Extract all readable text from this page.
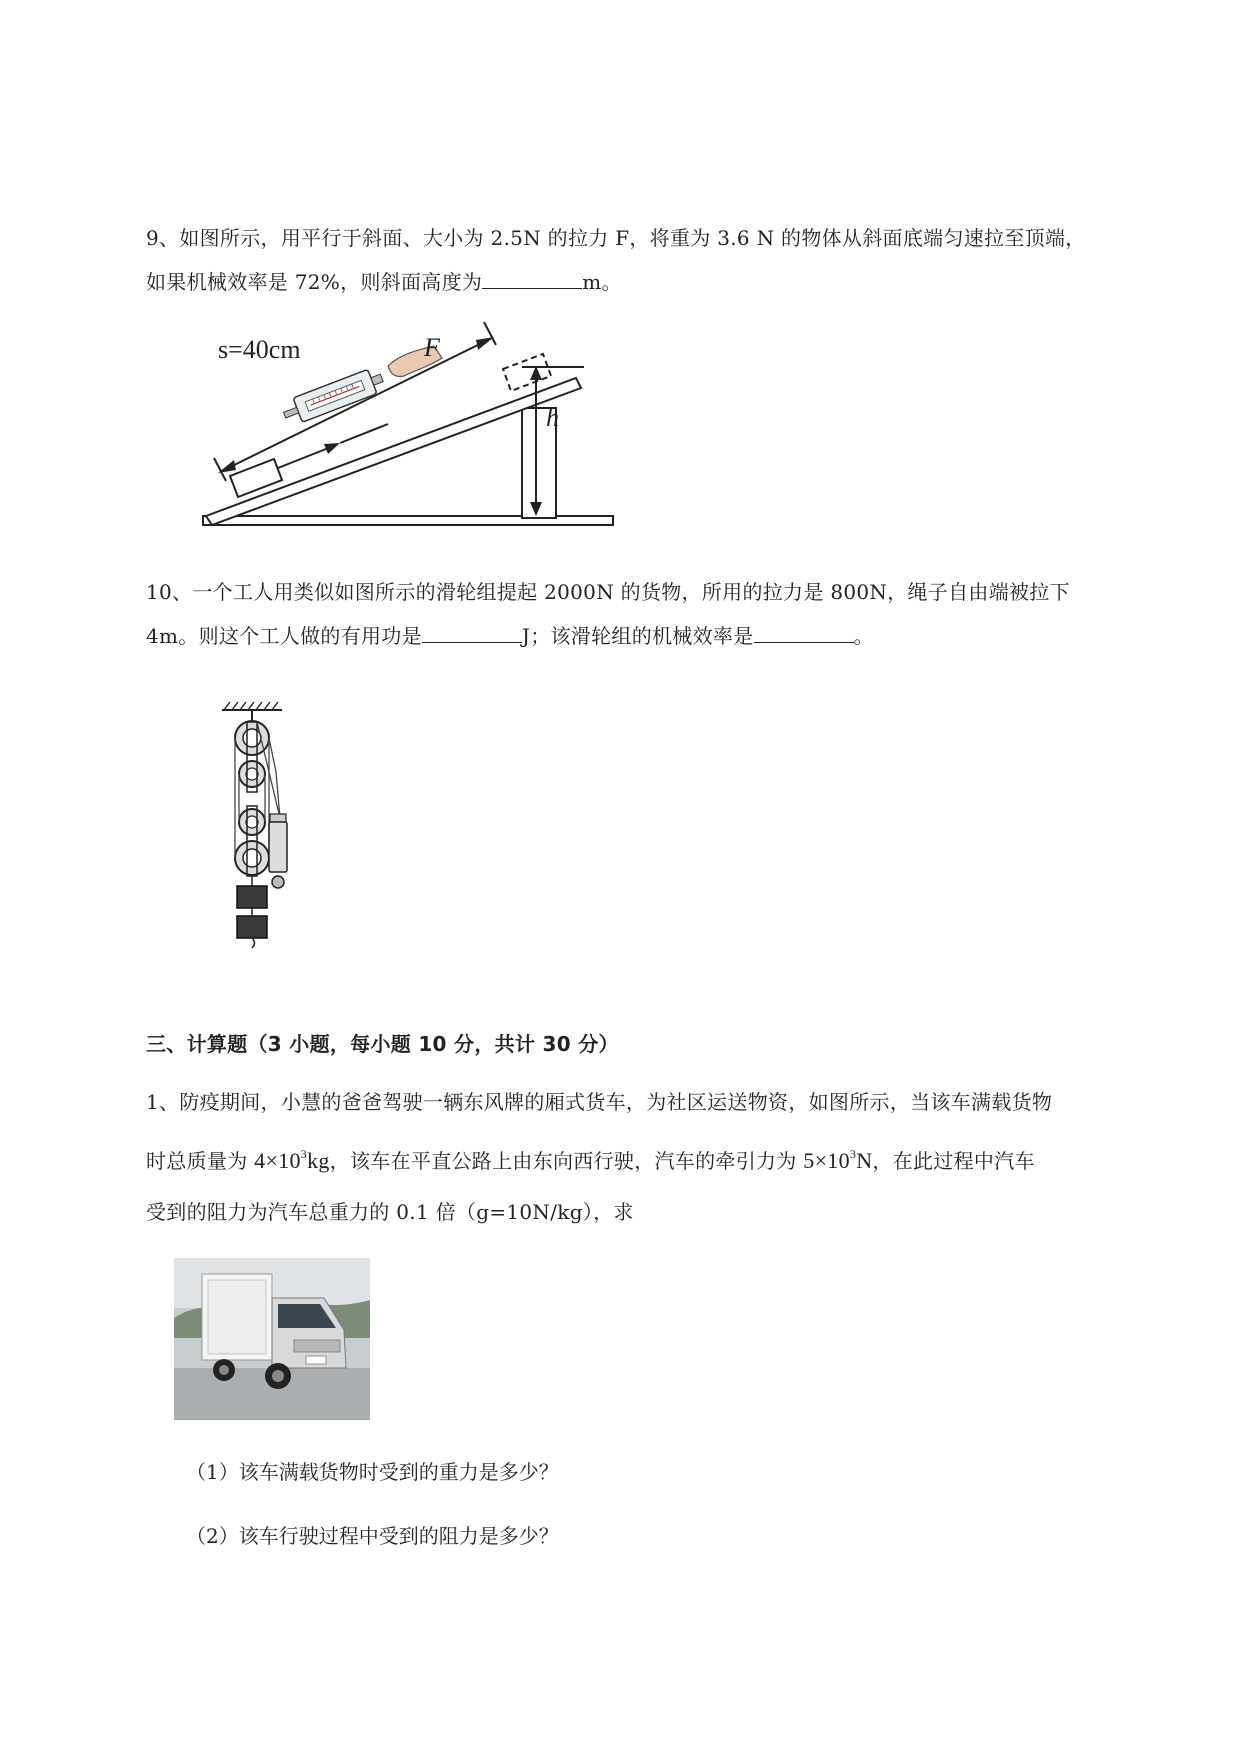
9、如图所示，用平行于斜面、大小为 2.5N 的拉力 F，将重为 3.6 N 的物体从斜面底端匀速拉至顶端，
如果机械效率是 72%，则斜面高度为	m。
s=40cm	F
h
10、一个工人用类似如图所示的滑轮组提起 2000N 的货物，所用的拉力是 800N，绳子自由端被拉下
4m。则这个工人做的有用功是	J；该滑轮组的机械效率是	。
三、计算题（3 小题，每小题 10 分，共计 30 分）
1、防疫期间，小慧的爸爸驾驶一辆东风牌的厢式货车，为社区运送物资，如图所示，当该车满载货物
时总质量为 $4\times 10^3kg$，该车在平直公路上由东向西行驶，汽车的牵引力为 $5\times 10^3N$，在此过程中汽车
受到的阻力为汽车总重力的 0.1 倍（g=10N/kg），求
（1）该车满载货物时受到的重力是多少？
（2）该车行驶过程中受到的阻力是多少？
